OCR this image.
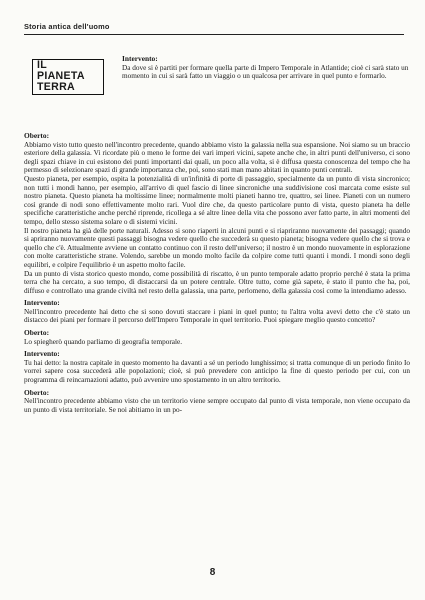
Storia antica dell'uomo
IL
PIANETA
TERRA
Intervento:

Da dove si è partiti per formare quella parte di Impero Temporale in Atlantide; cioè ci sarà stato un momento in cui si sarà fatto un viaggio o un qualcosa per arrivare in quel punto e formarlo.

Oberto:

Abbiamo visto tutto questo nell'incontro precedente, quando abbiamo visto la galassia nella sua espansione. Noi siamo su un braccio esteriore della galassia. Vi ricordate più o meno le forme dei vari imperi vicini, sapete anche che, in altri punti dell'universo, ci sono degli spazi chiave in cui esistono dei punti importanti dai quali, un poco alla volta, si è diffusa questa conoscenza del tempo che ha permesso di selezionare spazi di grande importanza che, poi, sono stati man mano abitati in quanto punti centrali.

Questo pianeta, per esempio, ospita la potenzialità di un'infinità di porte di passaggio, specialmente da un punto di vista sincronico; non tutti i mondi hanno, per esempio, all'arrivo di quel fascio di linee sincroniche una suddivisione così marcata come esiste sul nostro pianeta. Questo pianeta ha moltissime linee; normalmente molti pianeti hanno tre, quattro, sei linee. Pianeti con un numero così grande di nodi sono effettivamente molto rari. Vuol dire che, da questo particolare punto di vista, questo pianeta ha delle specifiche caratteristiche anche perché riprende, ricollega a sé altre linee della vita che possono aver fatto parte, in altri momenti del tempo, dello stesso sistema solare o di sistemi vicini.

Il nostro pianeta ha già delle porte naturali. Adesso si sono riaperti in alcuni punti e si riapriranno nuovamente dei passaggi; quando si apriranno nuovamente questi passaggi bisogna vedere quello che succederà su questo pianeta; bisogna vedere quello che si trova e quello che c'è. Attualmente avviene un contatto continuo con il resto dell'universo; il nostro è un mondo nuovamente in esplorazione con molte caratteristiche strane. Volendo, sarebbe un mondo molto facile da colpire come tutti quanti i mondi. I mondi sono degli equilibri, e colpire l'equilibrio è un aspetto molto facile.

Da un punto di vista storico questo mondo, come possibilità di riscatto, è un punto temporale adatto proprio perché è stata la prima terra che ha cercato, a suo tempo, di distaccarsi da un potere centrale. Oltre tutto, come già sapete, è stato il punto che ha, poi, diffuso e controllato una grande civiltà nel resto della galassia, una parte, perlomeno, della galassia così come la intendiamo adesso.

Intervento:

Nell'incontro precedente hai detto che si sono dovuti staccare i piani in quel punto; tu l'altra volta avevi detto che c'è stato un distacco dei piani per formare il percorso dell'Impero Temporale in quel territorio. Puoi spiegare meglio questo concetto?

Oberto:

Lo spiegherò quando parliamo di geografia temporale.

Intervento:

Tu hai detto: la nostra capitale in questo momento ha davanti a sé un periodo lunghissimo; si tratta comunque di un periodo finito Io vorrei sapere cosa succederà alle popolazioni; cioè, si può prevedere con anticipo la fine di questo periodo per cui, con un programma di reincarnazioni adatto, può avvenire uno spostamento in un altro territorio.

Oberto:

Nell'incontro precedente abbiamo visto che un territorio viene sempre occupato dal punto di vista temporale, non viene occupato da un punto di vista territoriale. Se noi abitiamo in un po-

8
